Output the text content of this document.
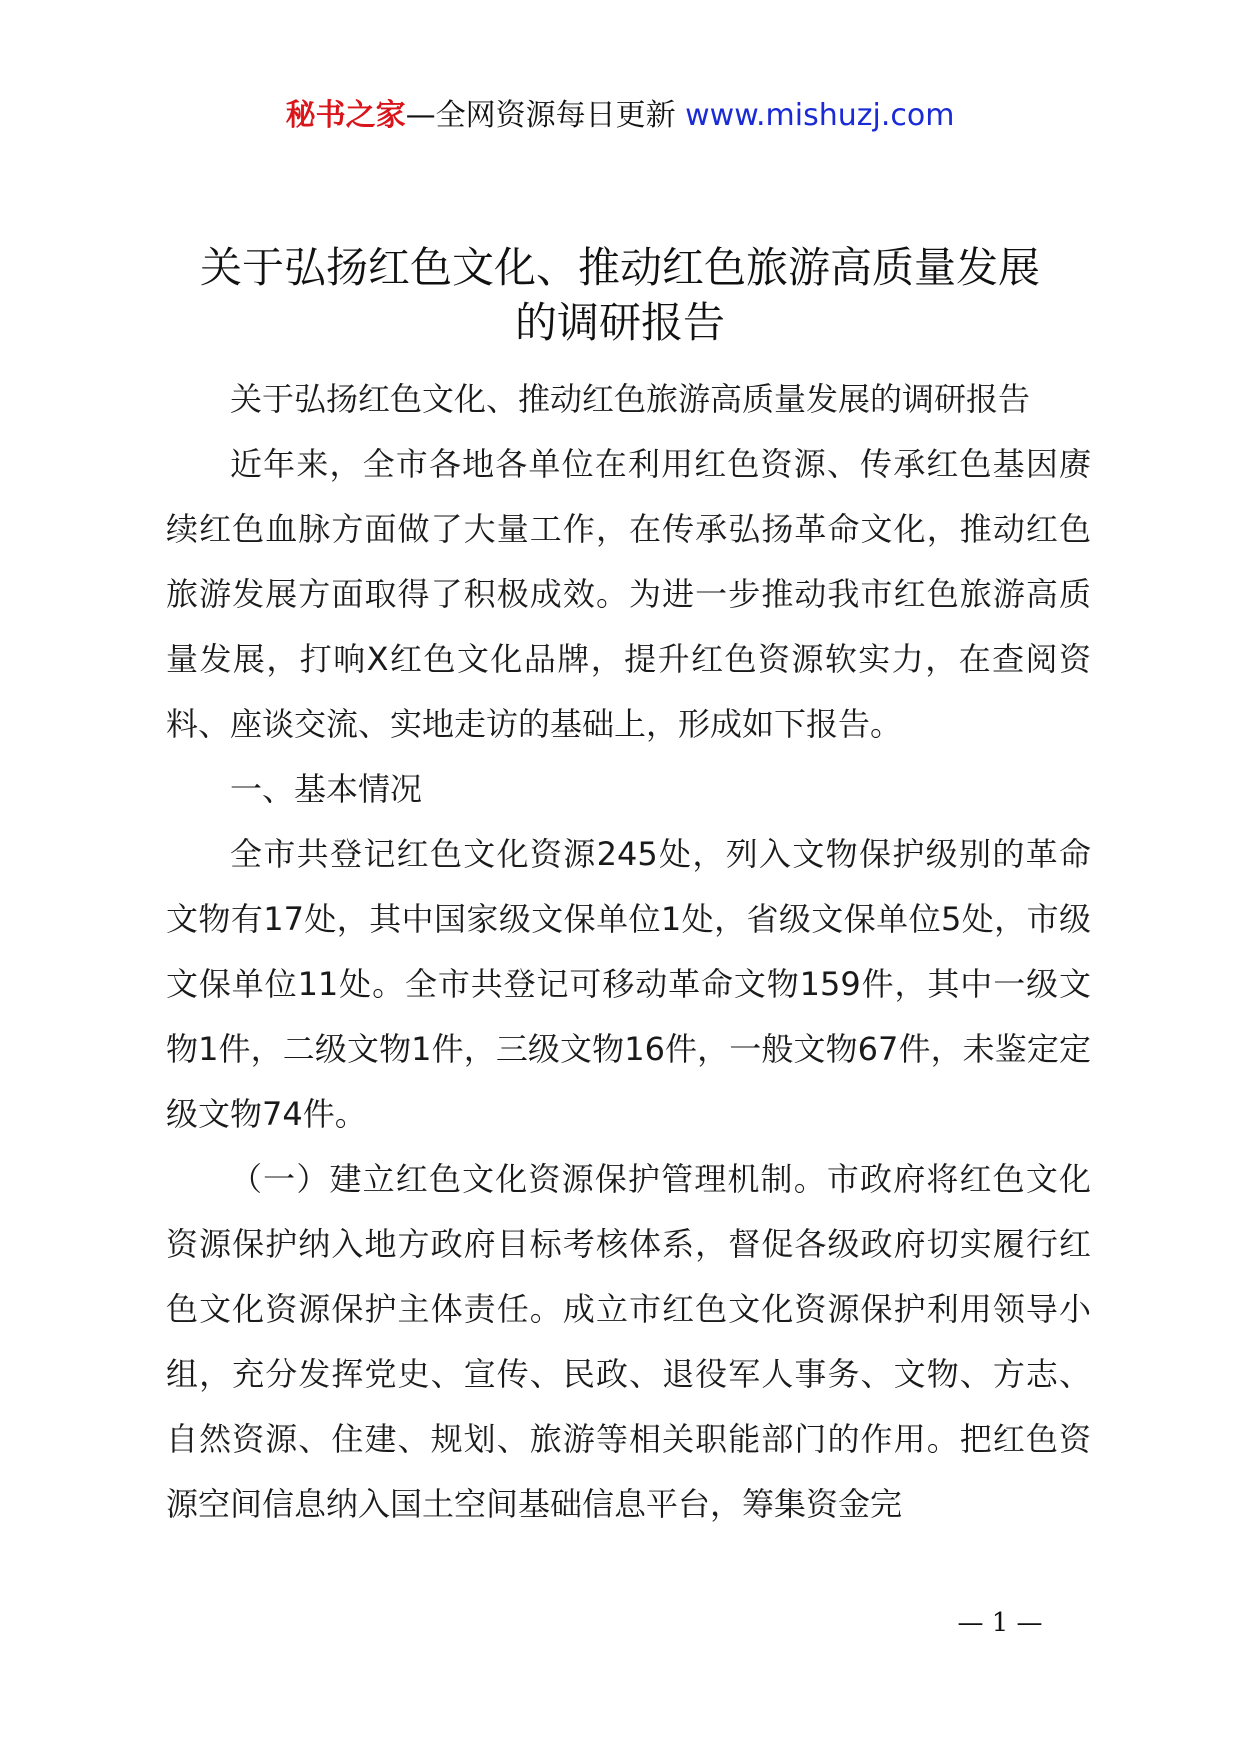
秘书之家—全网资源每日更新 www.mishuzj.com
关于弘扬红色文化、推动红色旅游高质量发展
的调研报告

关于弘扬红色文化、推动红色旅游高质量发展的调研报告

近年来，全市各地各单位在利用红色资源、传承红色基因赓续红色血脉方面做了大量工作，在传承弘扬革命文化，推动红色旅游发展方面取得了积极成效。为进一步推动我市红色旅游高质量发展，打响X红色文化品牌，提升红色资源软实力，在查阅资料、座谈交流、实地走访的基础上，形成如下报告。

一、基本情况

全市共登记红色文化资源245处，列入文物保护级别的革命文物有17处，其中国家级文保单位1处，省级文保单位5处，市级文保单位11处。全市共登记可移动革命文物159件，其中一级文物1件，二级文物1件，三级文物16件，一般文物67件，未鉴定定级文物74件。

（一）建立红色文化资源保护管理机制。市政府将红色文化资源保护纳入地方政府目标考核体系，督促各级政府切实履行红色文化资源保护主体责任。成立市红色文化资源保护利用领导小组，充分发挥党史、宣传、民政、退役军人事务、文物、方志、自然资源、住建、规划、旅游等相关职能部门的作用。把红色资源空间信息纳入国土空间基础信息平台，筹集资金完

— 1 —
